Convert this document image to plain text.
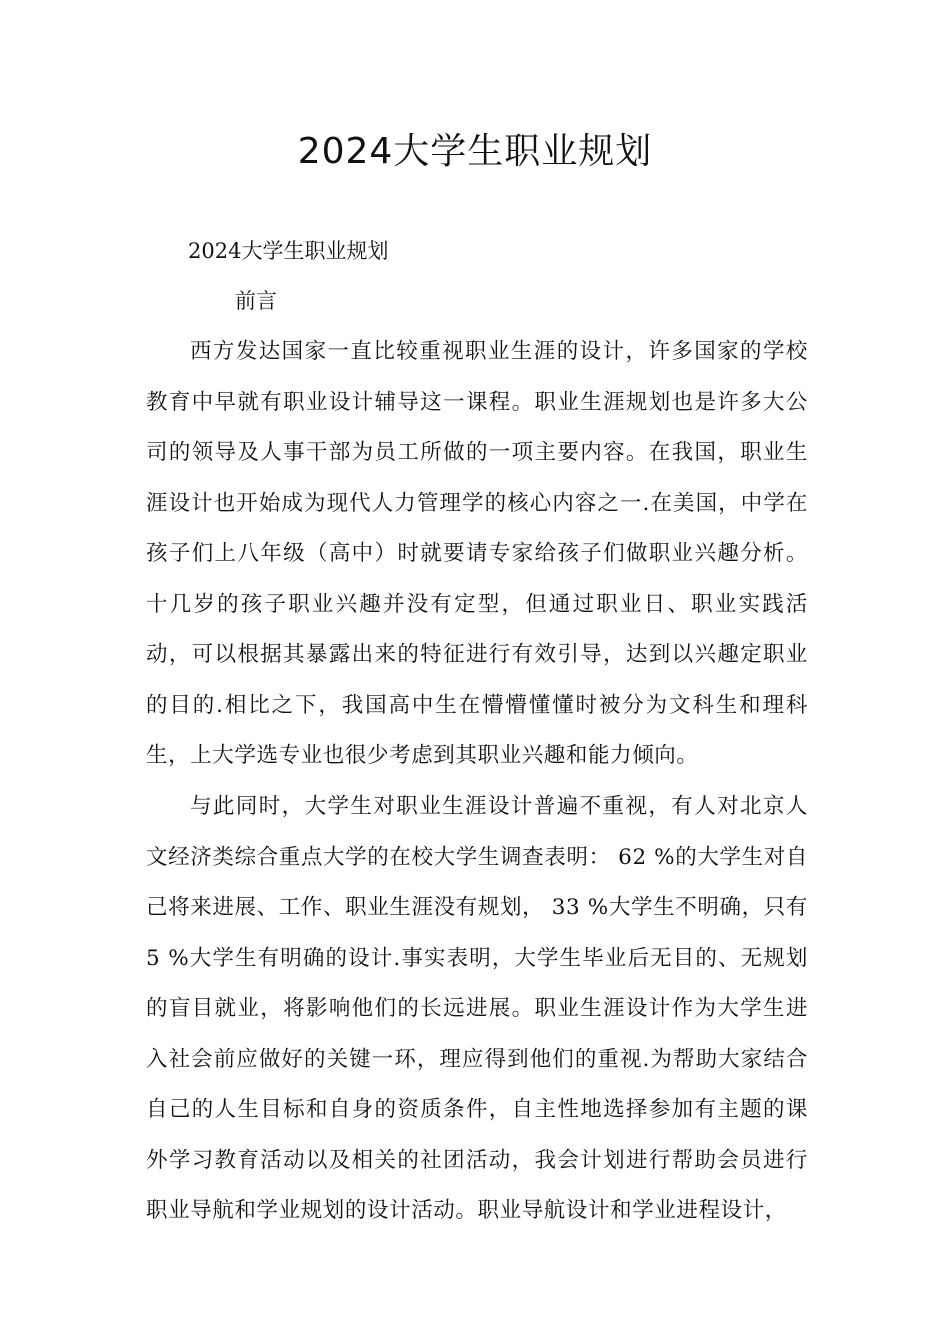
2024大学生职业规划

2024大学生职业规划

前言

西方发达国家一直比较重视职业生涯的设计，许多国家的学校教育中早就有职业设计辅导这一课程。职业生涯规划也是许多大公司的领导及人事干部为员工所做的一项主要内容。在我国，职业生涯设计也开始成为现代人力管理学的核心内容之一.在美国，中学在孩子们上八年级（高中）时就要请专家给孩子们做职业兴趣分析。十几岁的孩子职业兴趣并没有定型，但通过职业日、职业实践活动，可以根据其暴露出来的特征进行有效引导，达到以兴趣定职业的目的.相比之下，我国高中生在懵懵懂懂时被分为文科生和理科生，上大学选专业也很少考虑到其职业兴趣和能力倾向。

与此同时，大学生对职业生涯设计普遍不重视，有人对北京人文经济类综合重点大学的在校大学生调查表明： 62 %的大学生对自己将来进展、工作、职业生涯没有规划， 33 %大学生不明确，只有5 %大学生有明确的设计.事实表明，大学生毕业后无目的、无规划的盲目就业，将影响他们的长远进展。职业生涯设计作为大学生进入社会前应做好的关键一环，理应得到他们的重视.为帮助大家结合自己的人生目标和自身的资质条件，自主性地选择参加有主题的课外学习教育活动以及相关的社团活动，我会计划进行帮助会员进行职业导航和学业规划的设计活动。职业导航设计和学业进程设计，
